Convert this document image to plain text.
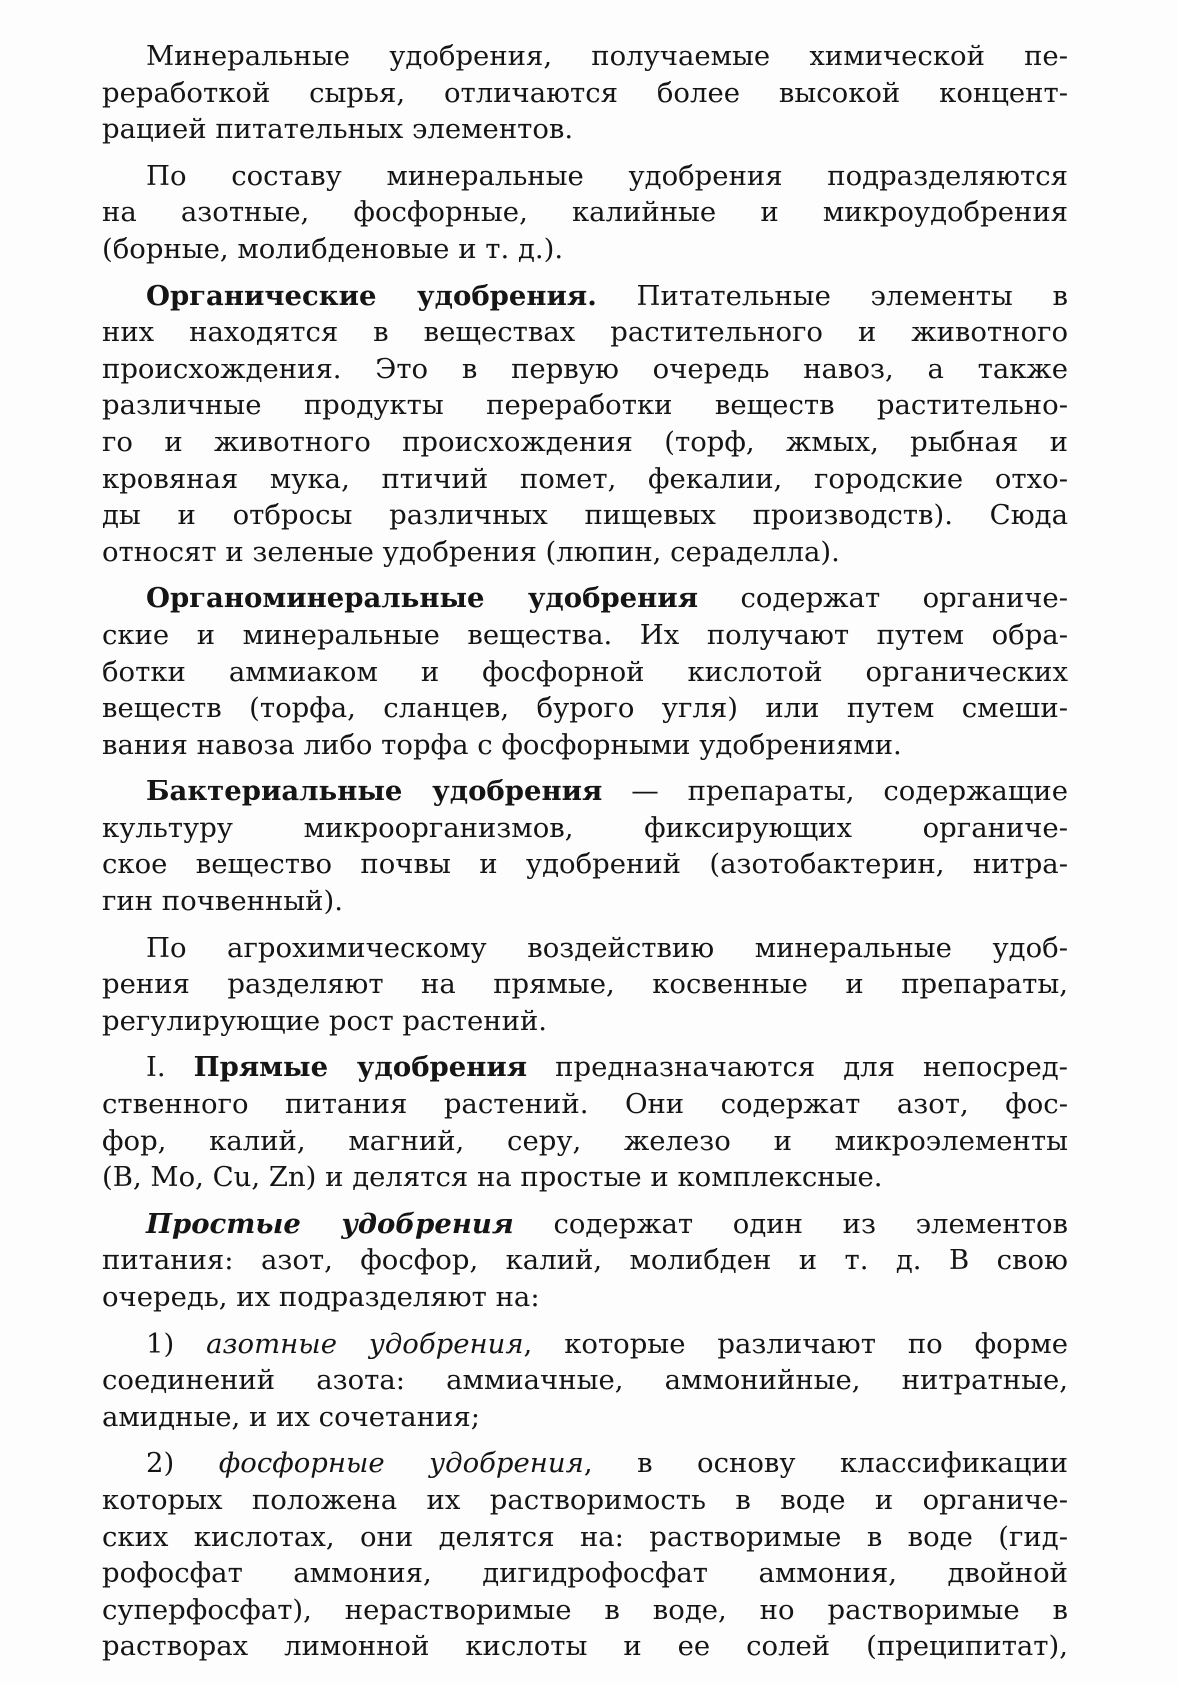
Минеральные удобрения, получаемые химической пе-
реработкой сырья, отличаются более высокой концент-
рацией питательных элементов.
По составу минеральные удобрения подразделяются
на азотные, фосфорные, калийные и микроудобрения
(борные, молибденовые и т. д.).
Органические удобрения. Питательные элементы в
них находятся в веществах растительного и животного
происхождения. Это в первую очередь навоз, а также
различные продукты переработки веществ растительно-
го и животного происхождения (торф, жмых, рыбная и
кровяная мука, птичий помет, фекалии, городские отхо-
ды и отбросы различных пищевых производств). Сюда
относят и зеленые удобрения (люпин, сераделла).
Органоминеральные удобрения содержат органиче-
ские и минеральные вещества. Их получают путем обра-
ботки аммиаком и фосфорной кислотой органических
веществ (торфа, сланцев, бурого угля) или путем смеши-
вания навоза либо торфа с фосфорными удобрениями.
Бактериальные удобрения — препараты, содержащие
культуру микроорганизмов, фиксирующих органиче-
ское вещество почвы и удобрений (азотобактерин, нитра-
гин почвенный).
По агрохимическому воздействию минеральные удоб-
рения разделяют на прямые, косвенные и препараты,
регулирующие рост растений.
I. Прямые удобрения предназначаются для непосред-
ственного питания растений. Они содержат азот, фос-
фор, калий, магний, серу, железо и микроэлементы
(B, Mo, Cu, Zn) и делятся на простые и комплексные.
Простые удобрения содержат один из элементов
питания: азот, фосфор, калий, молибден и т. д. В свою
очередь, их подразделяют на:
1) азотные удобрения, которые различают по форме
соединений азота: аммиачные, аммонийные, нитратные,
амидные, и их сочетания;
2) фосфорные удобрения, в основу классификации
которых положена их растворимость в воде и органиче-
ских кислотах, они делятся на: растворимые в воде (гид-
рофосфат аммония, дигидрофосфат аммония, двойной
суперфосфат), нерастворимые в воде, но растворимые в
растворах лимонной кислоты и ее солей (преципитат),
